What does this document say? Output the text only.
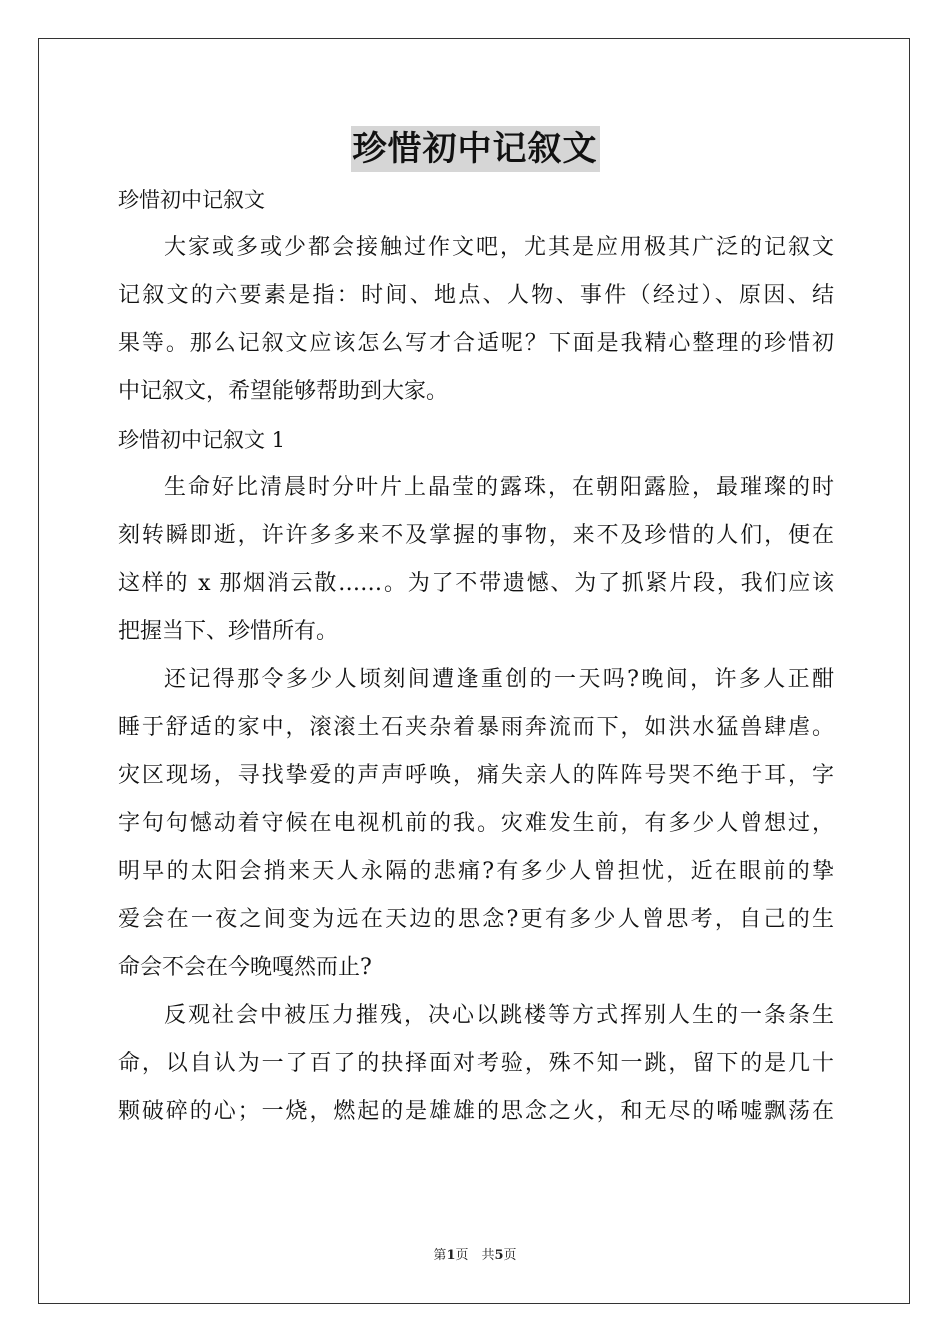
珍惜初中记叙文
珍惜初中记叙文
大家或多或少都会接触过作文吧，尤其是应用极其广泛的记叙文
记叙文的六要素是指：时间、地点、人物、事件（经过）、原因、结
果等。那么记叙文应该怎么写才合适呢？下面是我精心整理的珍惜初
中记叙文，希望能够帮助到大家。
珍惜初中记叙文 1
生命好比清晨时分叶片上晶莹的露珠，在朝阳露脸，最璀璨的时
刻转瞬即逝，许许多多来不及掌握的事物，来不及珍惜的人们，便在
这样的 x 那烟消云散……。为了不带遗憾、为了抓紧片段，我们应该
把握当下、珍惜所有。
还记得那令多少人顷刻间遭逢重创的一天吗?晚间，许多人正酣
睡于舒适的家中，滚滚土石夹杂着暴雨奔流而下，如洪水猛兽肆虐。
灾区现场，寻找挚爱的声声呼唤，痛失亲人的阵阵号哭不绝于耳，字
字句句憾动着守候在电视机前的我。灾难发生前，有多少人曾想过，
明早的太阳会捎来天人永隔的悲痛?有多少人曾担忧，近在眼前的挚
爱会在一夜之间变为远在天边的思念?更有多少人曾思考，自己的生
命会不会在今晚嘎然而止?
反观社会中被压力摧残，决心以跳楼等方式挥别人生的一条条生
命，以自认为一了百了的抉择面对考验，殊不知一跳，留下的是几十
颗破碎的心；一烧，燃起的是雄雄的思念之火，和无尽的唏嘘飘荡在
第1页　共5页
